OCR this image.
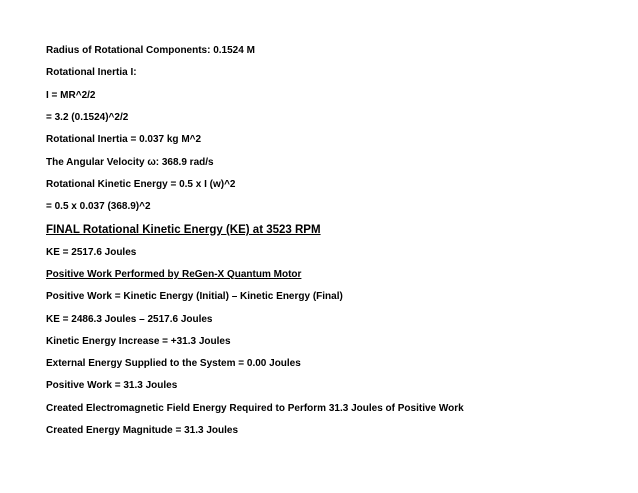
Radius of Rotational Components: 0.1524 M

Rotational Inertia I:

I = MR^2/2

= 3.2 (0.1524)^2/2

Rotational Inertia = 0.037 kg M^2

The Angular Velocity ω: 368.9 rad/s

Rotational Kinetic Energy = 0.5 x I (w)^2

= 0.5 x 0.037 (368.9)^2

FINAL Rotational Kinetic Energy (KE) at 3523 RPM

KE = 2517.6 Joules

Positive Work Performed by ReGen-X Quantum Motor

Positive Work = Kinetic Energy (Initial) – Kinetic Energy (Final)

KE = 2486.3 Joules – 2517.6 Joules

Kinetic Energy Increase = +31.3 Joules

External Energy Supplied to the System = 0.00 Joules

Positive Work = 31.3 Joules

Created Electromagnetic Field Energy Required to Perform 31.3 Joules of Positive Work

Created Energy Magnitude = 31.3 Joules
